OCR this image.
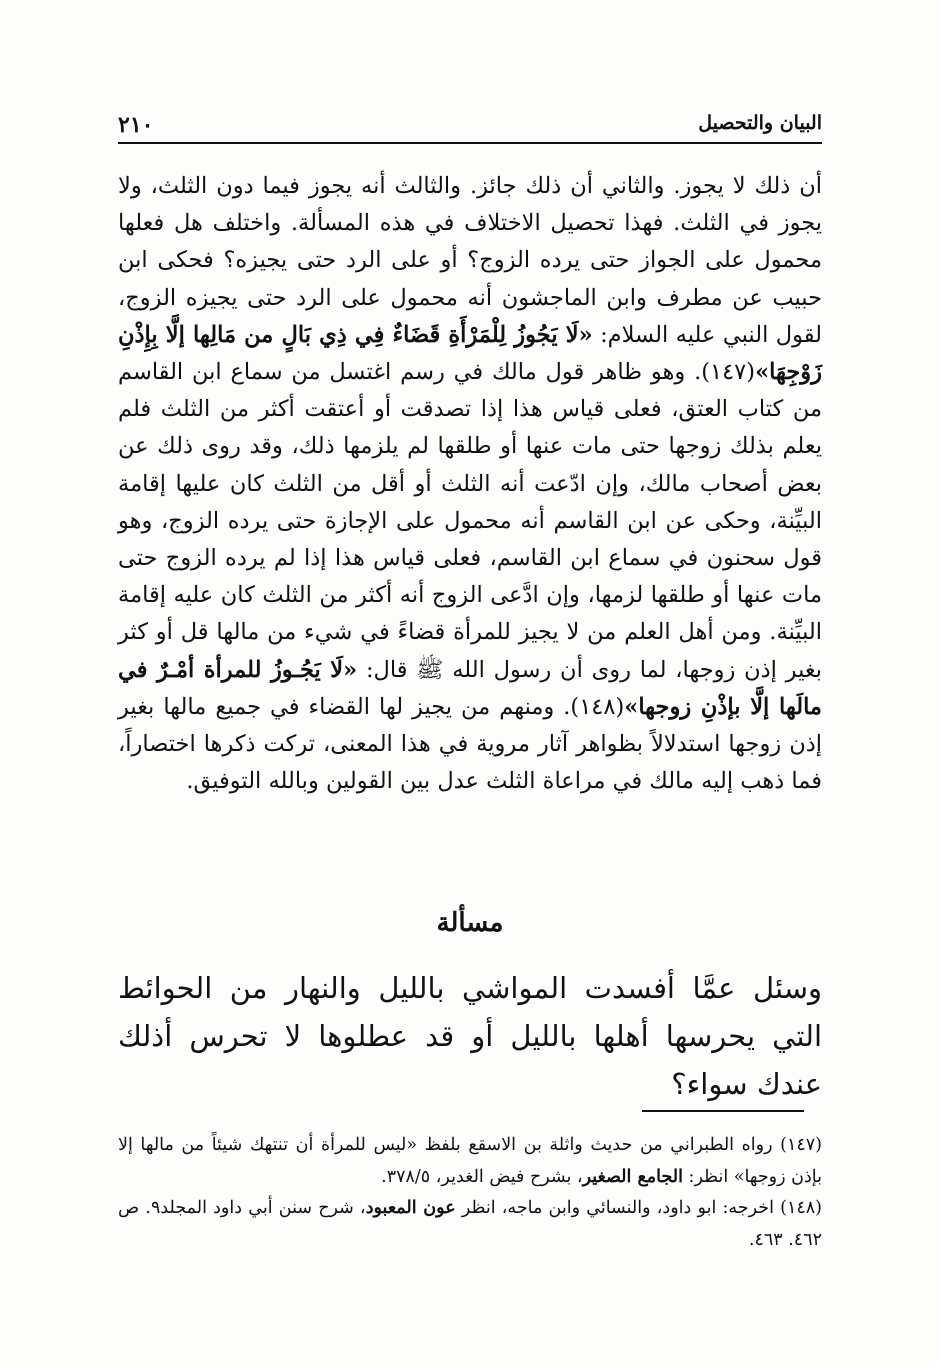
٢١٠	البيان والتحصيل

أن ذلك لا يجوز. والثاني أن ذلك جائز. والثالث أنه يجوز فيما دون الثلث، ولا يجوز في الثلث. فهذا تحصيل الاختلاف في هذه المسألة. واختلف هل فعلها محمول على الجواز حتى يرده الزوج؟ أو على الرد حتى يجيزه؟ فحكى ابن حبيب عن مطرف وابن الماجشون أنه محمول على الرد حتى يجيزه الزوج، لقول النبي عليه السلام: «لَا يَجُوزُ لِلْمَرْأَةِ قَضَاءٌ فِي ذِي بَالٍ من مَالِها إلَّا بِإِذْنِ زَوْجِهَا»(١٤٧). وهو ظاهر قول مالك في رسم اغتسل من سماع ابن القاسم من كتاب العتق، فعلى قياس هذا إذا تصدقت أو أعتقت أكثر من الثلث فلم يعلم بذلك زوجها حتى مات عنها أو طلقها لم يلزمها ذلك، وقد روى ذلك عن بعض أصحاب مالك، وإن ادّعت أنه الثلث أو أقل من الثلث كان عليها إقامة البيِّنة، وحكى عن ابن القاسم أنه محمول على الإجازة حتى يرده الزوج، وهو قول سحنون في سماع ابن القاسم، فعلى قياس هذا إذا لم يرده الزوج حتى مات عنها أو طلقها لزمها، وإن ادَّعى الزوج أنه أكثر من الثلث كان عليه إقامة البيِّنة. ومن أهل العلم من لا يجيز للمرأة قضاءً في شيء من مالها قل أو كثر بغير إذن زوجها، لما روى أن رسول الله ﷺ قال: «لَا يَجُـوزُ للمرأة أمْـرٌ في مالَها إلَّا بإذْنِ زوجها»(١٤٨). ومنهم من يجيز لها القضاء في جميع مالها بغير إذن زوجها استدلالاً بظواهر آثار مروية في هذا المعنى، تركت ذكرها اختصاراً، فما ذهب إليه مالك في مراعاة الثلث عدل بين القولين وبالله التوفيق.

مسألة

وسئل عمَّا أفسدت المواشي بالليل والنهار من الحوائط التي يحرسها أهلها بالليل أو قد عطلوها لا تحرس أذلك عندك سواء؟

(١٤٧) رواه الطبراني من حديث واثلة بن الاسقع بلفظ «ليس للمرأة أن تنتهك شيئاً من مالها إلا بإذن زوجها» انظر: الجامع الصغير، بشرح فيض الغدير، ٣٧٨/٥.

(١٤٨) اخرجه: ابو داود، والنسائي وابن ماجه، انظر عون المعبود، شرح سنن أبي داود المجلد٩. ص ٤٦٢. ٤٦٣.
